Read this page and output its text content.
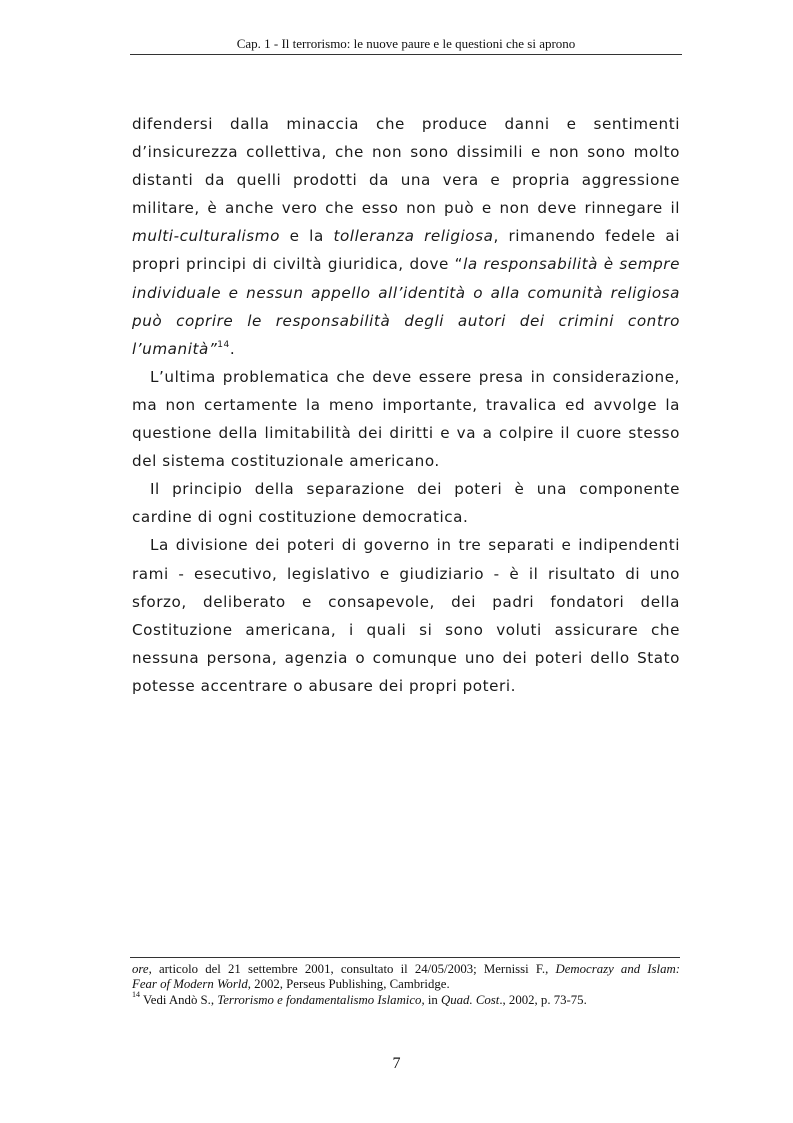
Cap. 1 - Il terrorismo: le nuove paure e le questioni che si aprono

difendersi dalla minaccia che produce danni e sentimenti d’insicurezza collettiva, che non sono dissimili e non sono molto distanti da quelli prodotti da una vera e propria aggressione militare, è anche vero che esso non può e non deve rinnegare il multi-culturalismo e la tolleranza religiosa, rimanendo fedele ai propri principi di civiltà giuridica, dove “la responsabilità è sempre individuale e nessun appello all’identità o alla comunità religiosa può coprire le responsabilità degli autori dei crimini contro l’umanità”$^{14}$.

L’ultima problematica che deve essere presa in considerazione, ma non certamente la meno importante, travalica ed avvolge la questione della limitabilità dei diritti e va a colpire il cuore stesso del sistema costituzionale americano.

Il principio della separazione dei poteri è una componente cardine di ogni costituzione democratica.

La divisione dei poteri di governo in tre separati e indipendenti rami - esecutivo, legislativo e giudiziario - è il risultato di uno sforzo, deliberato e consapevole, dei padri fondatori della Costituzione americana, i quali si sono voluti assicurare che nessuna persona, agenzia o comunque uno dei poteri dello Stato potesse accentrare o abusare dei propri poteri.

ore, articolo del 21 settembre 2001, consultato il 24/05/2003; Mernissi F., Democrazy and Islam:

Fear of Modern World, 2002, Perseus Publishing, Cambridge.

$^{14}$ Vedi Andò S., Terrorismo e fondamentalismo Islamico, in Quad. Cost., 2002, p. 73-75.

7
